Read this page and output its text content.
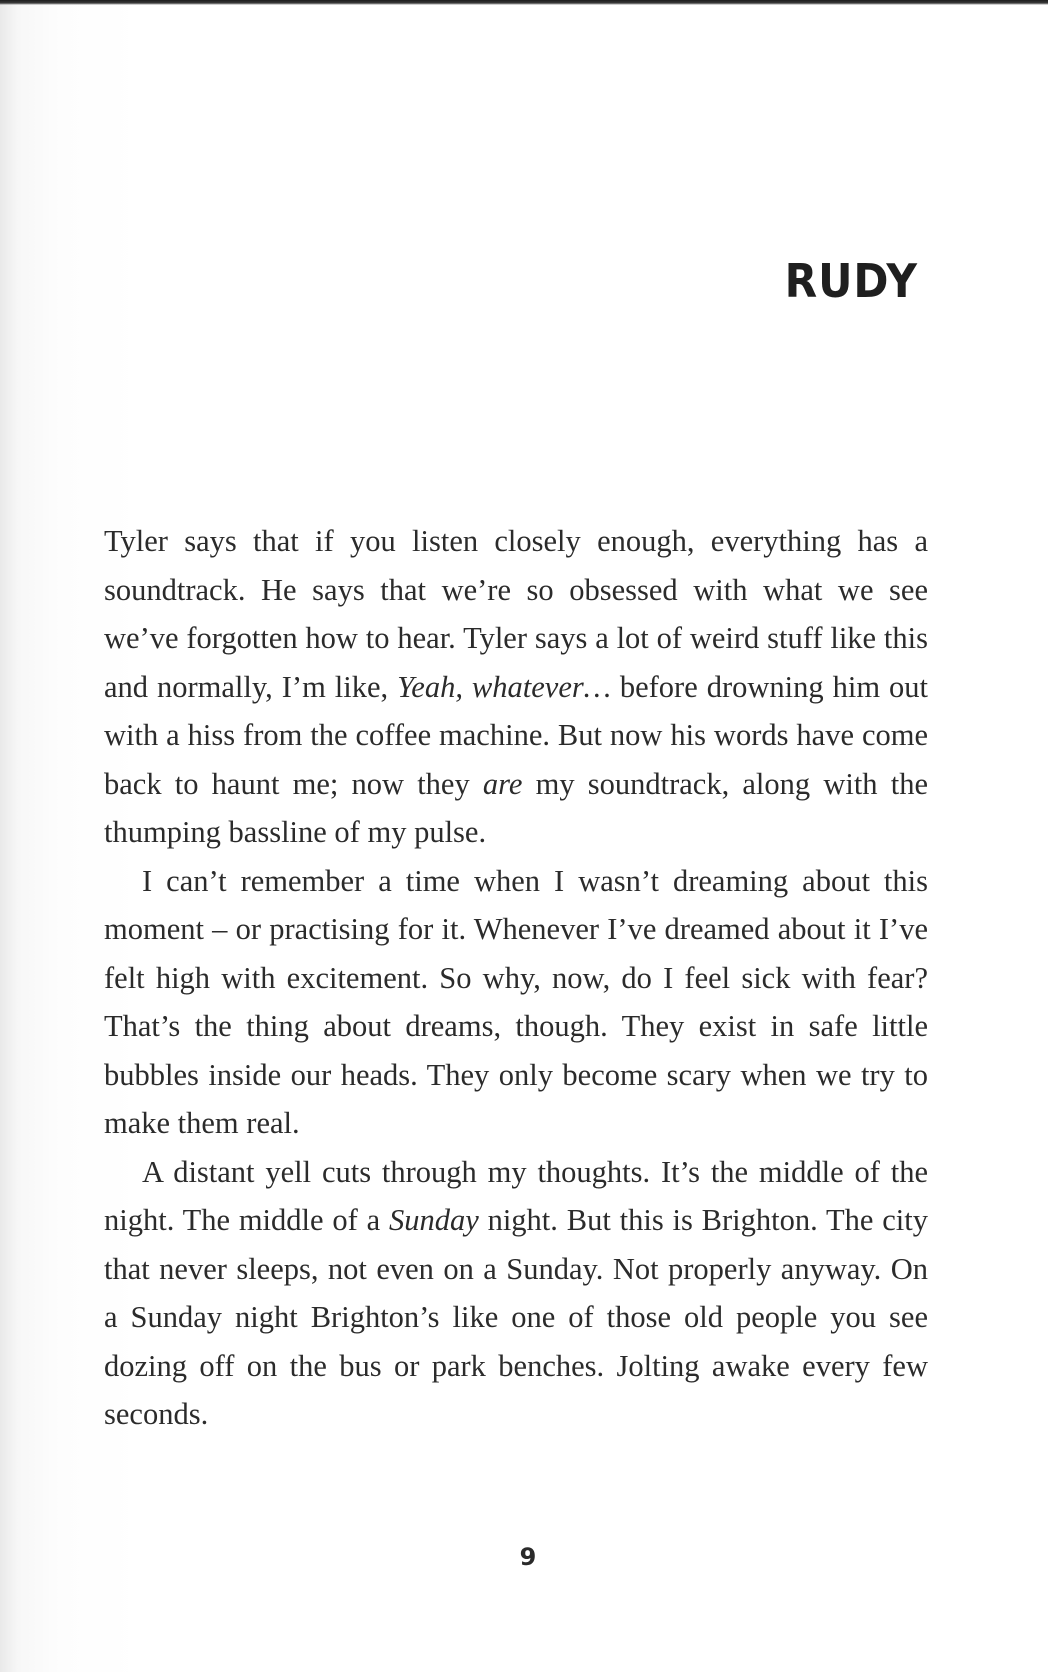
RUDY

Tyler says that if you listen closely enough, everything has a soundtrack. He says that we’re so obsessed with what we see we’ve forgotten how to hear. Tyler says a lot of weird stuff like this and normally, I’m like, Yeah, whatever… before drowning him out with a hiss from the coffee machine. But now his words have come back to haunt me; now they are my soundtrack, along with the thumping bassline of my pulse.

I can’t remember a time when I wasn’t dreaming about this moment – or practising for it. Whenever I’ve dreamed about it I’ve felt high with excitement. So why, now, do I feel sick with fear? That’s the thing about dreams, though. They exist in safe little bubbles inside our heads. They only become scary when we try to make them real.

A distant yell cuts through my thoughts. It’s the middle of the night. The middle of a Sunday night. But this is Brighton. The city that never sleeps, not even on a Sunday. Not properly anyway. On a Sunday night Brighton’s like one of those old people you see dozing off on the bus or park benches. Jolting awake every few seconds.

9
